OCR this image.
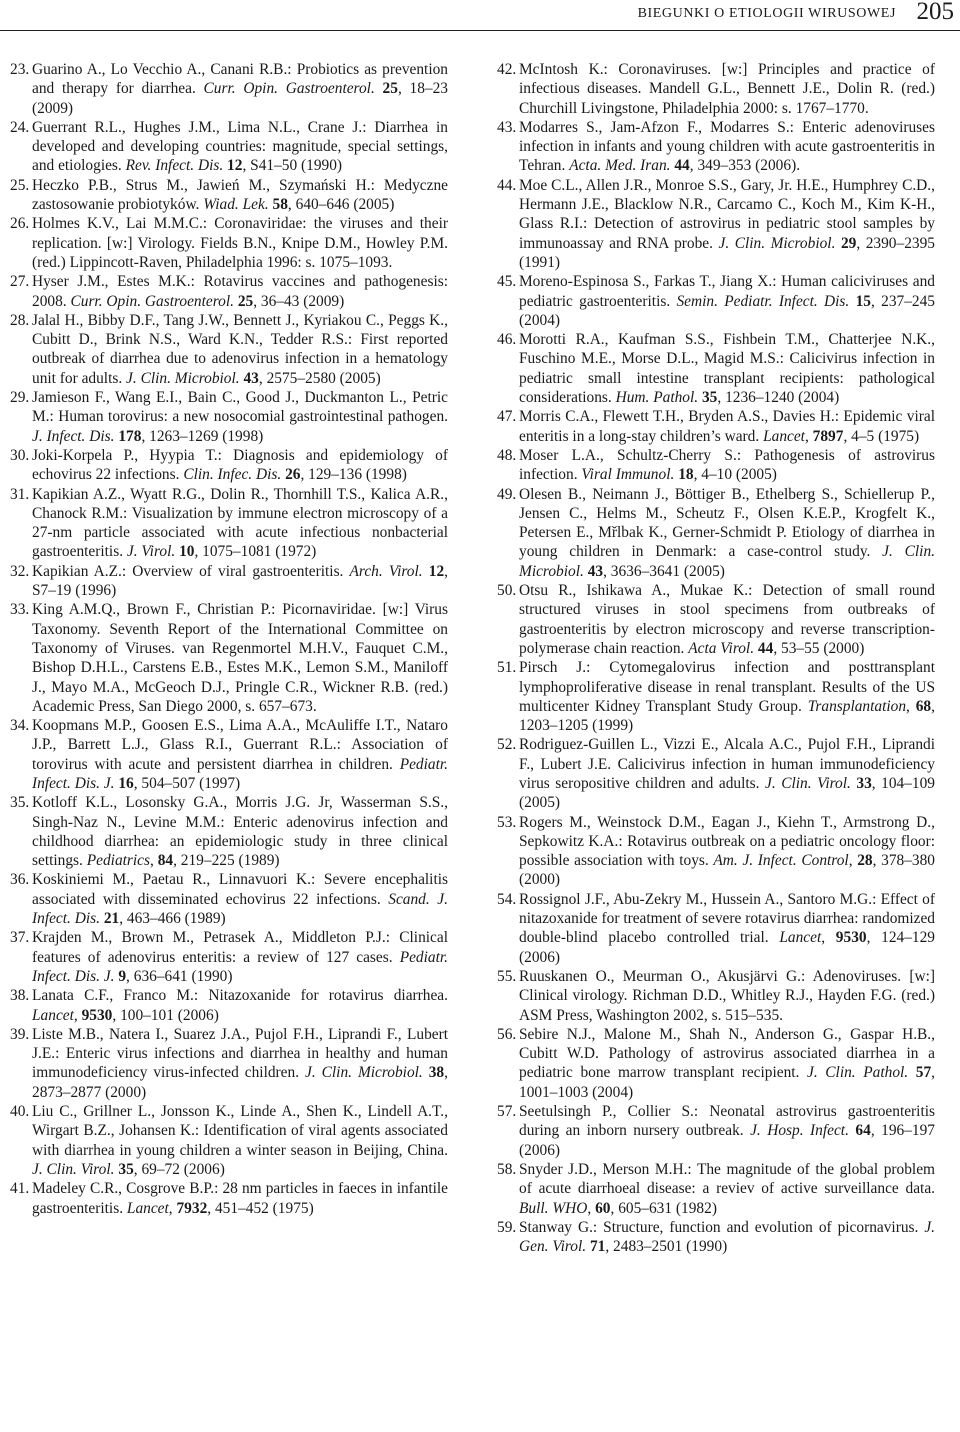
BIEGUNKI O ETIOLOGII WIRUSOWEJ 205

23. Guarino A., Lo Vecchio A., Canani R.B.: Probiotics as prevention and therapy for diarrhea. Curr. Opin. Gastroenterol. 25, 18–23 (2009)

24. Guerrant R.L., Hughes J.M., Lima N.L., Crane J.: Diarrhea in developed and developing countries: magnitude, special settings, and etiologies. Rev. Infect. Dis. 12, S41–50 (1990)

25. Heczko P.B., Strus M., Jawień M., Szymański H.: Medyczne zastosowanie probiotyków. Wiad. Lek. 58, 640–646 (2005)

26. Holmes K.V., Lai M.M.C.: Coronaviridae: the viruses and their replication. [w:] Virology. Fields B.N., Knipe D.M., Howley P.M. (red.) Lippincott-Raven, Philadelphia 1996: s. 1075–1093.

27. Hyser J.M., Estes M.K.: Rotavirus vaccines and pathogenesis: 2008. Curr. Opin. Gastroenterol. 25, 36–43 (2009)

28. Jalal H., Bibby D.F., Tang J.W., Bennett J., Kyriakou C., Peggs K., Cubitt D., Brink N.S., Ward K.N., Tedder R.S.: First reported outbreak of diarrhea due to adenovirus infection in a hematology unit for adults. J. Clin. Microbiol. 43, 2575–2580 (2005)

29. Jamieson F., Wang E.I., Bain C., Good J., Duckmanton L., Petric M.: Human torovirus: a new nosocomial gastrointestinal pathogen. J. Infect. Dis. 178, 1263–1269 (1998)

30. Joki-Korpela P., Hyypia T.: Diagnosis and epidemiology of echovirus 22 infections. Clin. Infec. Dis. 26, 129–136 (1998)

31. Kapikian A.Z., Wyatt R.G., Dolin R., Thornhill T.S., Kalica A.R., Chanock R.M.: Visualization by immune electron microscopy of a 27-nm particle associated with acute infectious nonbacterial gastroenteritis. J. Virol. 10, 1075–1081 (1972)

32. Kapikian A.Z.: Overview of viral gastroenteritis. Arch. Virol. 12, S7–19 (1996)

33. King A.M.Q., Brown F., Christian P.: Picornaviridae. [w:] Virus Taxonomy. Seventh Report of the International Committee on Taxonomy of Viruses. van Regenmortel M.H.V., Fauquet C.M., Bishop D.H.L., Carstens E.B., Estes M.K., Lemon S.M., Maniloff J., Mayo M.A., McGeoch D.J., Pringle C.R., Wickner R.B. (red.) Academic Press, San Diego 2000, s. 657–673.

34. Koopmans M.P., Goosen E.S., Lima A.A., McAuliffe I.T., Nataro J.P., Barrett L.J., Glass R.I., Guerrant R.L.: Association of torovirus with acute and persistent diarrhea in children. Pediatr. Infect. Dis. J. 16, 504–507 (1997)

35. Kotloff K.L., Losonsky G.A., Morris J.G. Jr, Wasserman S.S., Singh-Naz N., Levine M.M.: Enteric adenovirus infection and childhood diarrhea: an epidemiologic study in three clinical settings. Pediatrics, 84, 219–225 (1989)

36. Koskiniemi M., Paetau R., Linnavuori K.: Severe encephalitis associated with disseminated echovirus 22 infections. Scand. J. Infect. Dis. 21, 463–466 (1989)

37. Krajden M., Brown M., Petrasek A., Middleton P.J.: Clinical features of adenovirus enteritis: a review of 127 cases. Pediatr. Infect. Dis. J. 9, 636–641 (1990)

38. Lanata C.F., Franco M.: Nitazoxanide for rotavirus diarrhea. Lancet, 9530, 100–101 (2006)

39. Liste M.B., Natera I., Suarez J.A., Pujol F.H., Liprandi F., Lubert J.E.: Enteric virus infections and diarrhea in healthy and human immunodeficiency virus-infected children. J. Clin. Microbiol. 38, 2873–2877 (2000)

40. Liu C., Grillner L., Jonsson K., Linde A., Shen K., Lindell A.T., Wirgart B.Z., Johansen K.: Identification of viral agents associated with diarrhea in young children a winter season in Beijing, China. J. Clin. Virol. 35, 69–72 (2006)

41. Madeley C.R., Cosgrove B.P.: 28 nm particles in faeces in infantile gastroenteritis. Lancet, 7932, 451–452 (1975)

42. McIntosh K.: Coronaviruses. [w:] Principles and practice of infectious diseases. Mandell G.L., Bennett J.E., Dolin R. (red.) Churchill Livingstone, Philadelphia 2000: s. 1767–1770.

43. Modarres S., Jam-Afzon F., Modarres S.: Enteric adenoviruses infection in infants and young children with acute gastroenteritis in Tehran. Acta. Med. Iran. 44, 349–353 (2006).

44. Moe C.L., Allen J.R., Monroe S.S., Gary, Jr. H.E., Humphrey C.D., Hermann J.E., Blacklow N.R., Carcamo C., Koch M., Kim K-H., Glass R.I.: Detection of astrovirus in pediatric stool samples by immunoassay and RNA probe. J. Clin. Microbiol. 29, 2390–2395 (1991)

45. Moreno-Espinosa S., Farkas T., Jiang X.: Human caliciviruses and pediatric gastroenteritis. Semin. Pediatr. Infect. Dis. 15, 237–245 (2004)

46. Morotti R.A., Kaufman S.S., Fishbein T.M., Chatterjee N.K., Fuschino M.E., Morse D.L., Magid M.S.: Calicivirus infection in pediatric small intestine transplant recipients: pathological considerations. Hum. Pathol. 35, 1236–1240 (2004)

47. Morris C.A., Flewett T.H., Bryden A.S., Davies H.: Epidemic viral enteritis in a long-stay children’s ward. Lancet, 7897, 4–5 (1975)

48. Moser L.A., Schultz-Cherry S.: Pathogenesis of astrovirus infection. Viral Immunol. 18, 4–10 (2005)

49. Olesen B., Neimann J., Böttiger B., Ethelberg S., Schiellerup P., Jensen C., Helms M., Scheutz F., Olsen K.E.P., Krogfelt K., Petersen E., Mřlbak K., Gerner-Schmidt P. Etiology of diarrhea in young children in Denmark: a case-control study. J. Clin. Microbiol. 43, 3636–3641 (2005)

50. Otsu R., Ishikawa A., Mukae K.: Detection of small round structured viruses in stool specimens from outbreaks of gastroenteritis by electron microscopy and reverse transcription-polymerase chain reaction. Acta Virol. 44, 53–55 (2000)

51. Pirsch J.: Cytomegalovirus infection and posttransplant lymphoproliferative disease in renal transplant. Results of the US multicenter Kidney Transplant Study Group. Transplantation, 68, 1203–1205 (1999)

52. Rodriguez-Guillen L., Vizzi E., Alcala A.C., Pujol F.H., Liprandi F., Lubert J.E. Calicivirus infection in human immunodeficiency virus seropositive children and adults. J. Clin. Virol. 33, 104–109 (2005)

53. Rogers M., Weinstock D.M., Eagan J., Kiehn T., Armstrong D., Sepkowitz K.A.: Rotavirus outbreak on a pediatric oncology floor: possible association with toys. Am. J. Infect. Control, 28, 378–380 (2000)

54. Rossignol J.F., Abu-Zekry M., Hussein A., Santoro M.G.: Effect of nitazoxanide for treatment of severe rotavirus diarrhea: randomized double-blind placebo controlled trial. Lancet, 9530, 124–129 (2006)

55. Ruuskanen O., Meurman O., Akusjärvi G.: Adenoviruses. [w:] Clinical virology. Richman D.D., Whitley R.J., Hayden F.G. (red.) ASM Press, Washington 2002, s. 515–535.

56. Sebire N.J., Malone M., Shah N., Anderson G., Gaspar H.B., Cubitt W.D. Pathology of astrovirus associated diarrhea in a pediatric bone marrow transplant recipient. J. Clin. Pathol. 57, 1001–1003 (2004)

57. Seetulsingh P., Collier S.: Neonatal astrovirus gastroenteritis during an inborn nursery outbreak. J. Hosp. Infect. 64, 196–197 (2006)

58. Snyder J.D., Merson M.H.: The magnitude of the global problem of acute diarrhoeal disease: a reviev of active surveillance data. Bull. WHO, 60, 605–631 (1982)

59. Stanway G.: Structure, function and evolution of picornavirus. J. Gen. Virol. 71, 2483–2501 (1990)
